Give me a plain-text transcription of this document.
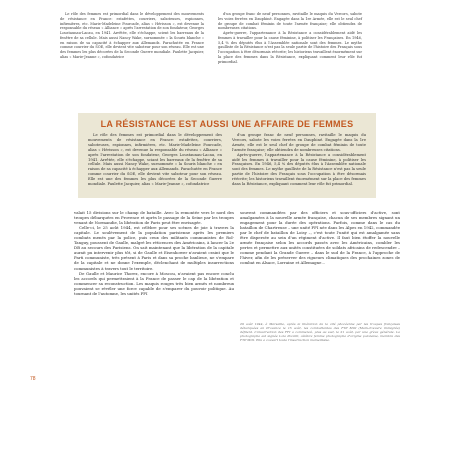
Le rôle des femmes est primordial dans le développement des mouvements de résistance en France: estafettes, courriers, saboteuses, espionnes, infirmières, etc. Marie-Madeleine Fourcade, alias « Hérisson », est devenue la responsable du réseau « Alliance » après l'arrestation de son fondateur, Georges Loustaunau-Lacau, en 1941. Arrêtée, elle s'échappe, scient les barreaux de la fenêtre de sa cellule. Mais aussi Nancy Wake, surnommée « la Souris blanche » en raison de sa capacité à échapper aux Allemands. Parachutée en France comme courrier du SOE, elle devient vite saboteur pour son réseau. Elle est une des femmes les plus décorées de la Seconde Guerre mondiale. Paulette Jacquier, alias « Marie-Jeanne », cofondatrice

d'un groupe franc de neuf personnes, ravitaille le maquis du Vercors, sabote les voies ferrées en Dauphiné. Engagée dans la 1re Armée, elle est le seul chef de groupe de combat féminin de toute l'armée française; elle obtiendra de nombreuses citations.

Après-guerre, l'appartenance à la Résistance a considérablement aidé les femmes à travailler pour la cause féminine, à politiser les Françaises. En 1946, 5,4 % des députés élus à l'Assemblée nationale sont des femmes. Le mythe gaulliste de la Résistance n'est pas la seule partie de l'histoire des Français sous l'occupation à être désormais réécrite; les historiens travaillent énormément sur la place des femmes dans la Résistance, expliquant comment leur rôle fut primordial.

LA RÉSISTANCE EST AUSSI UNE AFFAIRE DE FEMMES

Le rôle des femmes est primordial dans le développement des mouvements de résistance en France: estafettes, courriers, saboteuses, espionnes, infirmières, etc. Marie-Madeleine Fourcade, alias « Hérisson », est devenue la responsable du réseau « Alliance » après l'arrestation de son fondateur, Georges Loustaunau-Lacau, en 1941. Arrêtée, elle s'échappe, sciant les barreaux de la fenêtre de sa cellule. Mais aussi Nancy Wake, surnommée « la Souris blanche » en raison de sa capacité à échapper aux Allemands. Parachutée en France comme courrier du SOE, elle devient vite saboteur pour son réseau. Elle est une des femmes les plus décorées de la Seconde Guerre mondiale. Paulette Jacquier, alias « Marie-Jeanne », cofondatrice

d'un groupe franc de neuf personnes, ravitaille le maquis du Vercors, sabote les voies ferrées en Dauphiné. Engagée dans la 1re Armée, elle est le seul chef de groupe de combat féminin de toute l'armée française; elle obtiendra de nombreuses citations.

Après-guerre, l'appartenance à la Résistance a considérablement aidé les femmes à travailler pour la cause féminine, à politiser les Françaises. En 1946, 5,4 % des députés élus à l'Assemblée nationale sont des femmes. Le mythe gaulliste de la Résistance n'est pas la seule partie de l'histoire des Français sous l'occupation à être désormais réécrite; les historiens travaillent énormément sur la place des femmes dans la Résistance, expliquant comment leur rôle fut primordial.

valait 15 divisions sur le champ de bataille. Avec la remontée vers le nord des troupes débarquées en Provence et après le passage de la Seine par les troupes venant de Normandie, la libération de Paris peut être envisagée.

Celle-ci, le 25 août 1944, est célèbre pour ses scènes de joie à travers la capitale. Le soulèvement de la population parisienne après les premiers combats menés par la police, puis ceux des militants communistes de Rol-Tanguy, poussent de Gaulle, malgré les réticences des Américains, à lancer la 2e DB au secours des Parisiens. On sait maintenant que la libération de la capitale aurait pu intervenir plus tôt, si de Gaulle et Eisenhower n'avaient craint que le Parti communiste, très présent à Paris et dans sa proche banlieue, ne s'empare de la capitale et ne donne l'exemple, déclenchant de multiples insurrections communistes à travers tout le territoire.

De Gaulle et Maurice Thorez, encore à Moscou, n'avaient pas encore conclu les accords qui permettraient à la France de passer le cap de la libération et commencer sa reconstruction. Les maquis rouges très bien armés et nombreux pouvaient se révéler une force capable de s'emparer du pouvoir politique. Au tournant de l'automne, les unités FFI

souvent commandées par des officiers et sous-officiers d'active, sont amalgamées à la nouvelle armée française, chacun de ses membres signant un engagement pour la durée des opérations. Parfois, comme dans le cas du bataillon de Chartreuse – une unité FFI née dans les Alpes en 1942, commandée par le chef de bataillon de Loisy –, c'est toute l'unité qui est amalgamée sans être dispersée au sein d'un régiment d'active. Il faut bien étoffer la nouvelle armée française selon les accords passés avec les Américains, combler les pertes et permettre aux unités constituées de soldats africains de redescendre – comme pendant la Grande Guerre – dans le sud de la France, à l'approche de l'hiver, afin de les préserver des rigueurs climatiques des prochaines zones de combat en Alsace, Lorraine et Allemagne...

29 août 1944, à Marseille, après la libération de la cité phocéenne par les troupes françaises débarquées en Provence le 15 août, les combattantes des FTP MOI (Main-d'œuvre immigrée) défilent. L'insurrection des FFI a commencé, plus au sud, le 21 août, par une grève générale. La photographe est signée Lola Pozzilli, célèbre femme photographe d'origine polonaise, membre des FTP MOI. Elle a couvert toute l'insurrection marseillaise.
78
